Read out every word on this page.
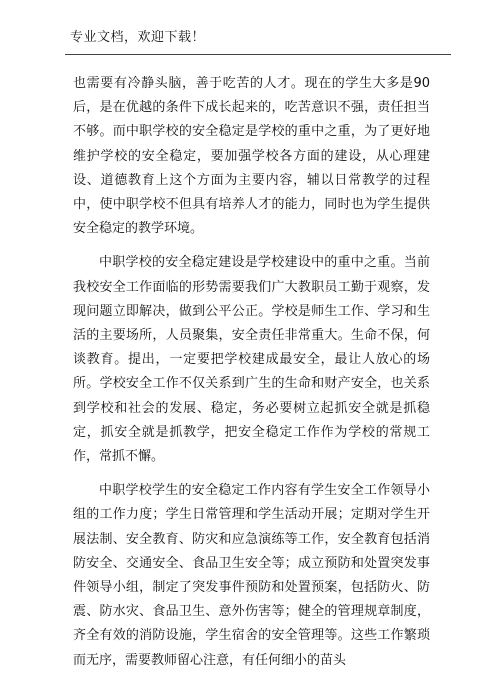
专业文档，欢迎下载！

也需要有冷静头脑，善于吃苦的人才。现在的学生大多是90后，是在优越的条件下成长起来的，吃苦意识不强，责任担当不够。而中职学校的安全稳定是学校的重中之重，为了更好地维护学校的安全稳定，要加强学校各方面的建设，从心理建设、道德教育上这个方面为主要内容，辅以日常教学的过程中，使中职学校不但具有培养人才的能力，同时也为学生提供安全稳定的教学环境。

中职学校的安全稳定建设是学校建设中的重中之重。当前我校安全工作面临的形势需要我们广大教职员工勤于观察，发现问题立即解决，做到公平公正。学校是师生工作、学习和生活的主要场所，人员聚集，安全责任非常重大。生命不保，何谈教育。提出，一定要把学校建成最安全，最让人放心的场所。学校安全工作不仅关系到广生的生命和财产安全，也关系到学校和社会的发展、稳定，务必要树立起抓安全就是抓稳定，抓安全就是抓教学，把安全稳定工作作为学校的常规工作，常抓不懈。

中职学校学生的安全稳定工作内容有学生安全工作领导小组的工作力度；学生日常管理和学生活动开展；定期对学生开展法制、安全教育、防灾和应急演练等工作，安全教育包括消防安全、交通安全、食品卫生安全等；成立预防和处置突发事件领导小组，制定了突发事件预防和处置预案，包括防火、防震、防水灾、食品卫生、意外伤害等；健全的管理规章制度，齐全有效的消防设施，学生宿舍的安全管理等。这些工作繁琐而无序，需要教师留心注意，有任何细小的苗头
